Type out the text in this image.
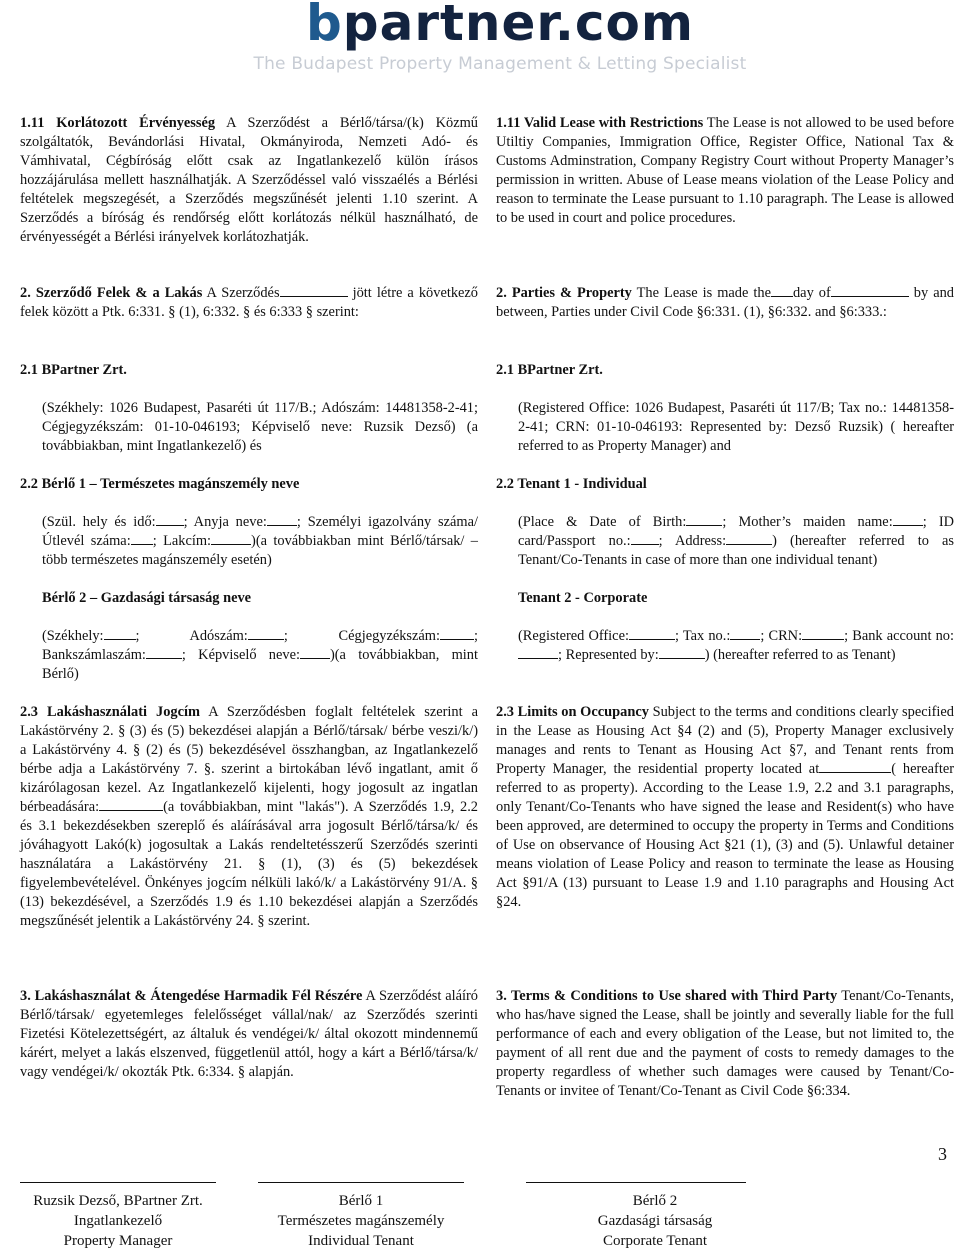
bpartner.com
The Budapest Property Management & Letting Specialist

1.11 Korlátozott Érvényesség A Szerződést a Bérlő/társa/(k) Közmű szolgáltatók, Bevándorlási Hivatal, Okmányiroda, Nemzeti Adó- és Vámhivatal, Cégbíróság előtt csak az Ingatlankezelő külön írásos hozzájárulása mellett használhatják. A Szerződéssel való visszaélés a Bérlési feltételek megszegését, a Szerződés megszűnését jelenti 1.10 szerint. A Szerződés a bíróság és rendőrség előtt korlátozás nélkül használható, de érvényességét a Bérlési irányelvek korlátozhatják.

2. Szerződő Felek & a Lakás A Szerződés	jött létre a következő felek között a Ptk. 6:331. § (1), 6:332. § és 6:333 § szerint:

2.1 BPartner Zrt.

(Székhely: 1026 Budapest, Pasaréti út 117/B.; Adószám: 14481358-2-41; Cégjegyzékszám: 01-10-046193; Képviselő neve: Ruzsik Dezső) (a továbbiakban, mint Ingatlankezelő) és

2.2 Bérlő 1 – Természetes magánszemély neve

(Szül. hely és idő: ; Anyja neve: ; Személyi igazolvány száma/Útlevél száma: ; Lakcím:	)(a továbbiakban mint Bérlő/társak/ – több természetes magánszemély esetén)

Bérlő 2 – Gazdasági társaság neve

(Székhely: ; Adószám:	; Cégjegyzékszám: ; Bankszámlaszám:	; Képviselő neve: )(a továbbiakban, mint Bérlő)

2.3 Lakáshasználati Jogcím A Szerződésben foglalt feltételek szerint a Lakástörvény 2. § (3) és (5) bekezdései alapján a Bérlő/társak/ bérbe veszi/k/) a Lakástörvény 4. § (2) és (5) bekezdésével összhangban, az Ingatlankezelő bérbe adja a Lakástörvény 7. §. szerint a birtokában lévő ingatlant, amit ő kizárólagosan kezel. Az Ingatlankezelő kijelenti, hogy jogosult az ingatlan bérbeadására:	(a továbbiakban, mint "lakás"). A Szerződés 1.9, 2.2 és 3.1 bekezdésekben szereplő és aláírásával arra jogosult Bérlő/társa/k/ és jóváhagyott Lakó(k) jogosultak a Lakás rendeltetésszerű Szerződés szerinti használatára a Lakástörvény 21. § (1), (3) és (5) bekezdések figyelembevételével. Önkényes jogcím nélküli lakó/k/ a Lakástörvény 91/A. § (13) bekezdésével, a Szerződés 1.9 és 1.10 bekezdései alapján a Szerződés megszűnését jelentik a Lakástörvény 24. § szerint.

3. Lakáshasználat & Átengedése Harmadik Fél Részére A Szerződést aláíró Bérlő/társak/ egyetemleges felelősséget vállal/nak/ az Szerződés szerinti Fizetési Kötelezettségért, az általuk és vendégei/k/ által okozott mindennemű kárért, melyet a lakás elszenved, függetlenül attól, hogy a kárt a Bérlő/társa/k/ vagy vendégei/k/ okozták Ptk. 6:334. § alapján.

1.11 Valid Lease with Restrictions The Lease is not allowed to be used before Utiltiy Companies, Immigration Office, Register Office, National Tax & Customs Adminstration, Company Registry Court without Property Manager’s permission in written. Abuse of Lease means violation of the Lease Policy and reason to terminate the Lease pursuant to 1.10 paragraph. The Lease is allowed to be used in court and police procedures.

2. Parties & Property The Lease is made the day of	by and between, Parties under Civil Code §6:331. (1), §6:332. and §6:333.:

2.1 BPartner Zrt.

(Registered Office: 1026 Budapest, Pasaréti út 117/B; Tax no.: 14481358-2-41; CRN: 01-10-046193: Represented by: Dezső Ruzsik) ( hereafter referred to as Property Manager) and

2.2 Tenant 1 - Individual

(Place & Date of Birth:	; Mother’s maiden name: ; ID card/Passport no.: ; Address:	) (hereafter referred to as Tenant/Co-Tenants in case of more than one individual tenant)

Tenant 2 - Corporate

(Registered Office:	; Tax no.: ; CRN:	; Bank account no:; Represented by:	) (hereafter referred to as Tenant)

2.3 Limits on Occupancy Subject to the terms and conditions clearly specified in the Lease as Housing Act §4 (2) and (5), Property Manager exclusively manages and rents to Tenant as Housing Act §7, and Tenant rents from Property Manager, the residential property located at	( hereafter referred to as property). According to the Lease 1.9, 2.2 and 3.1 paragraphs, only Tenant/Co-Tenants who have signed the lease and Resident(s) who have been approved, are determined to occupy the property in Terms and Conditions of Use on observance of Housing Act §21 (1), (3) and (5). Unlawful detainer means violation of Lease Policy and reason to terminate the lease as Housing Act §91/A (13) pursuant to Lease 1.9 and 1.10 paragraphs and Housing Act §24.

3. Terms & Conditions to Use shared with Third Party Tenant/Co-Tenants, who has/have signed the Lease, shall be jointly and severally liable for the full performance of each and every obligation of the Lease, but not limited to, the payment of all rent due and the payment of costs to remedy damages to the property regardless of whether such damages were caused by Tenant/Co-Tenants or invitee of Tenant/Co-Tenant as Civil Code §6:334.

3
Ruzsik Dezső, BPartner Zrt.
Ingatlankezelő
Property Manager
Bérlő 1
Természetes magánszemély
Individual Tenant
Bérlő 2
Gazdasági társaság
Corporate Tenant
